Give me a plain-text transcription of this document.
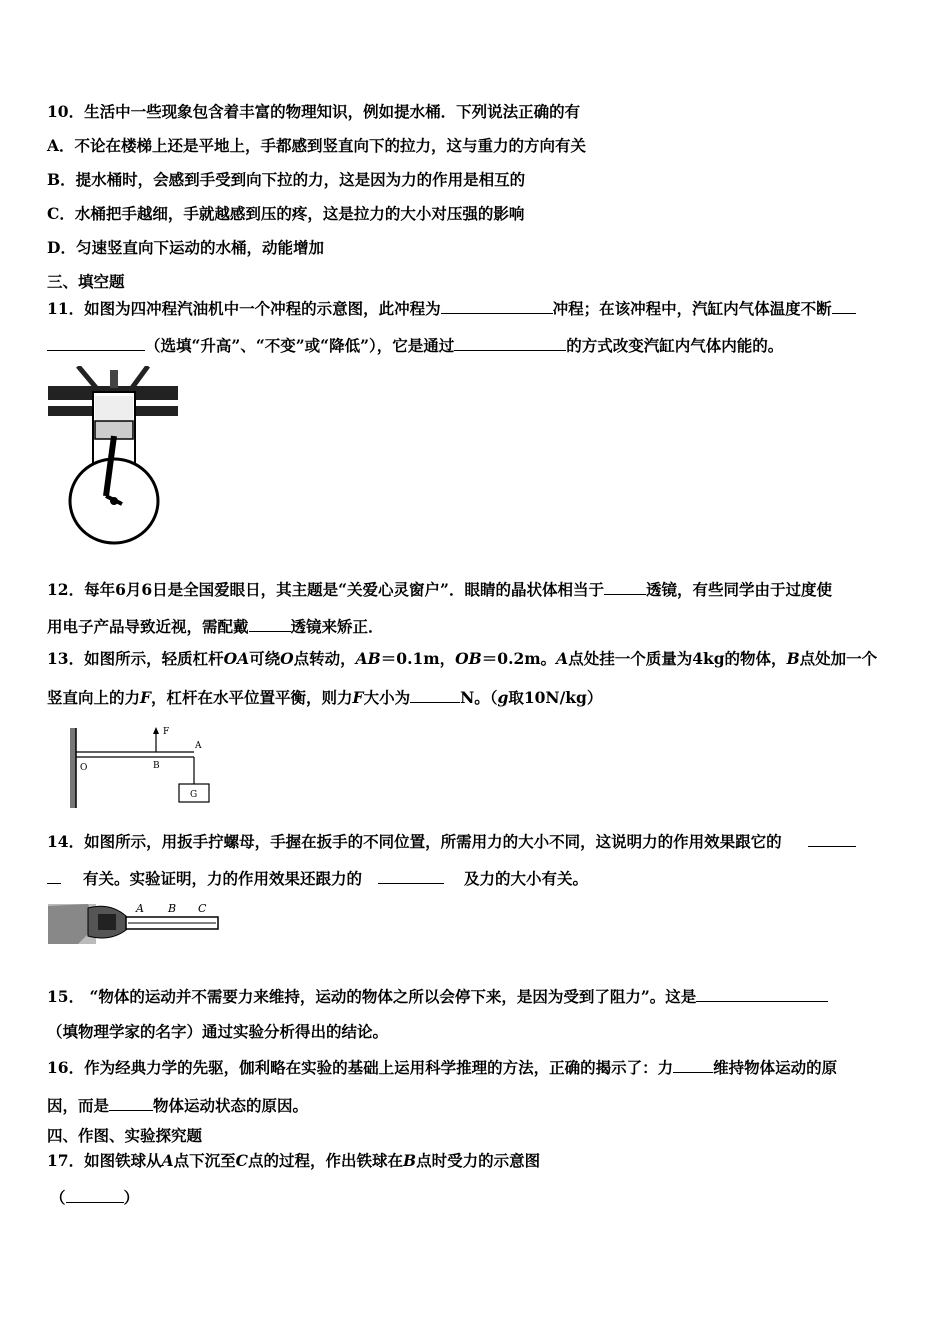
10．生活中一些现象包含着丰富的物理知识，例如提水桶．下列说法正确的有
A．不论在楼梯上还是平地上，手都感到竖直向下的拉力，这与重力的方向有关
B．提水桶时，会感到手受到向下拉的力，这是因为力的作用是相互的
C．水桶把手越细，手就越感到压的疼，这是拉力的大小对压强的影响
D．匀速竖直向下运动的水桶，动能增加
三、填空题
11．如图为四冲程汽油机中一个冲程的示意图，此冲程为	冲程；在该冲程中，汽缸内气体温度不断
（选填“升高”、“不变”或“降低”），它是通过	的方式改变汽缸内气体内能的。
12．每年6月6日是全国爱眼日，其主题是“关爱心灵窗户”．眼睛的晶状体相当于	透镜，有些同学由于过度使
用电子产品导致近视，需配戴	透镜来矫正．
13．如图所示，轻质杠杆OA可绕O点转动，AB＝0.1m，OB＝0.2m。A点处挂一个质量为4kg的物体，B点处加一个
竖直向上的力F，杠杆在水平位置平衡，则力F大小为	N。（g取10N/kg）
F
A
O	B
G
14．如图所示，用扳手拧螺母，手握在扳手的不同位置，所需用力的大小不同，这说明力的作用效果跟它的
有关。实验证明，力的作用效果还跟力的	及力的大小有关。
A B C
15． “物体的运动并不需要力来维持，运动的物体之所以会停下来，是因为受到了阻力”。这是
（填物理学家的名字）通过实验分析得出的结论。
16．作为经典力学的先驱，伽利略在实验的基础上运用科学推理的方法，正确的揭示了：力	维持物体运动的原
因，而是	物体运动状态的原因。
四、作图、实验探究题
17．如图铁球从A点下沉至C点的过程，作出铁球在B点时受力的示意图
（	）
